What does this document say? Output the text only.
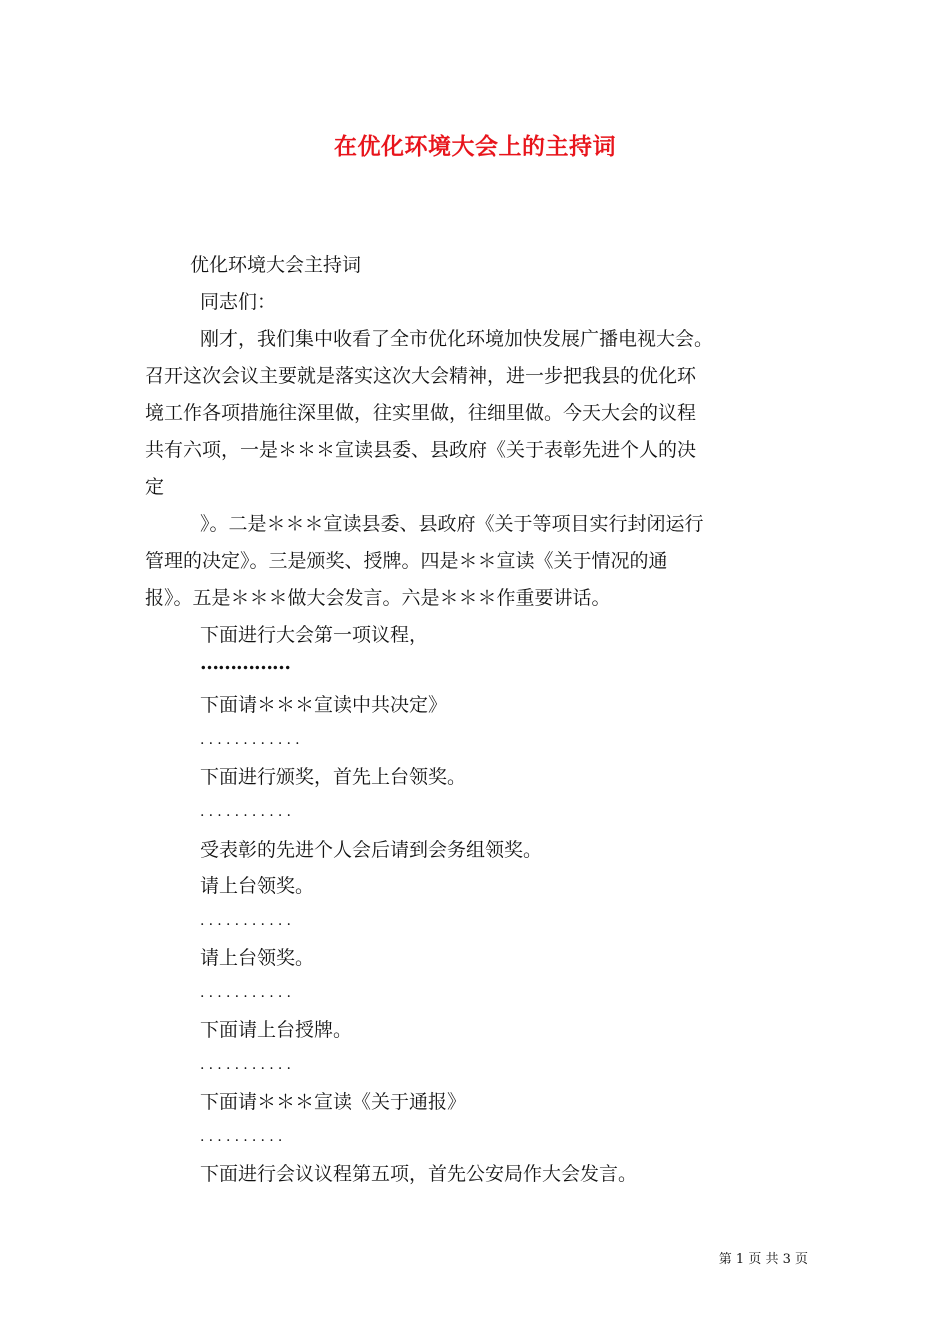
在优化环境大会上的主持词
优化环境大会主持词
同志们：
刚才，我们集中收看了全市优化环境加快发展广播电视大会。
召开这次会议主要就是落实这次大会精神，进一步把我县的优化环
境工作各项措施往深里做，往实里做，往细里做。今天大会的议程
共有六项，一是＊＊＊宣读县委、县政府《关于表彰先进个人的决
定
》。二是＊＊＊宣读县委、县政府《关于等项目实行封闭运行
管理的决定》。三是颁奖、授牌。四是＊＊宣读《关于情况的通
报》。五是＊＊＊做大会发言。六是＊＊＊作重要讲话。
下面进行大会第一项议程，
……………
下面请＊＊＊宣读中共决定》
............
下面进行颁奖，首先上台领奖。
...........
受表彰的先进个人会后请到会务组领奖。
请上台领奖。
...........
请上台领奖。
...........
下面请上台授牌。
...........
下面请＊＊＊宣读《关于通报》
..........
下面进行会议议程第五项，首先公安局作大会发言。
第 1 页 共 3 页
